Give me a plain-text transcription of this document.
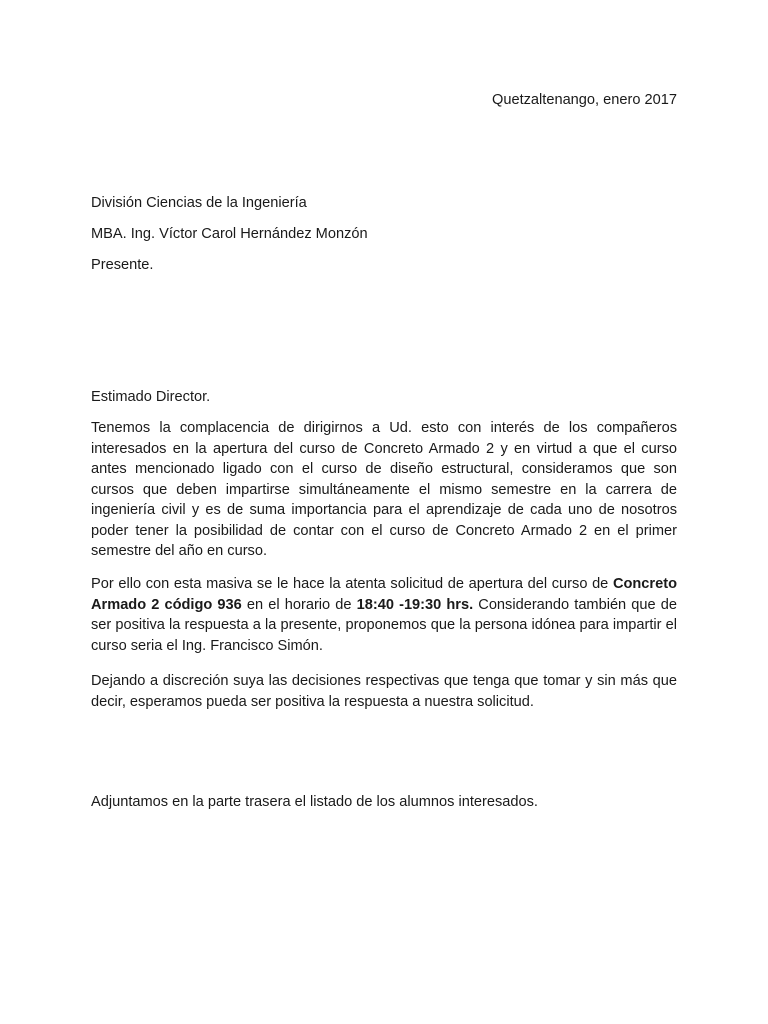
Quetzaltenango, enero 2017
División Ciencias de la Ingeniería
MBA. Ing. Víctor Carol Hernández Monzón
Presente.
Estimado Director.
Tenemos la complacencia de dirigirnos a Ud. esto con interés de los compañeros interesados en la apertura del curso de Concreto Armado 2 y en virtud a que el curso antes mencionado ligado con el curso de diseño estructural, consideramos que son cursos que deben impartirse simultáneamente el mismo semestre en la carrera de ingeniería civil y es de suma importancia para el aprendizaje de cada uno de nosotros poder tener la posibilidad de contar con el curso de Concreto Armado 2 en el primer semestre del año en curso.
Por ello con esta masiva se le hace la atenta solicitud de apertura del curso de Concreto Armado 2 código 936 en el horario de 18:40 -19:30 hrs. Considerando también que de ser positiva la respuesta a la presente, proponemos que la persona idónea para impartir el curso seria el Ing. Francisco Simón.
Dejando a discreción suya las decisiones respectivas que tenga que tomar y sin más que decir, esperamos pueda ser positiva la respuesta a nuestra solicitud.
Adjuntamos en la parte trasera el listado de los alumnos interesados.
